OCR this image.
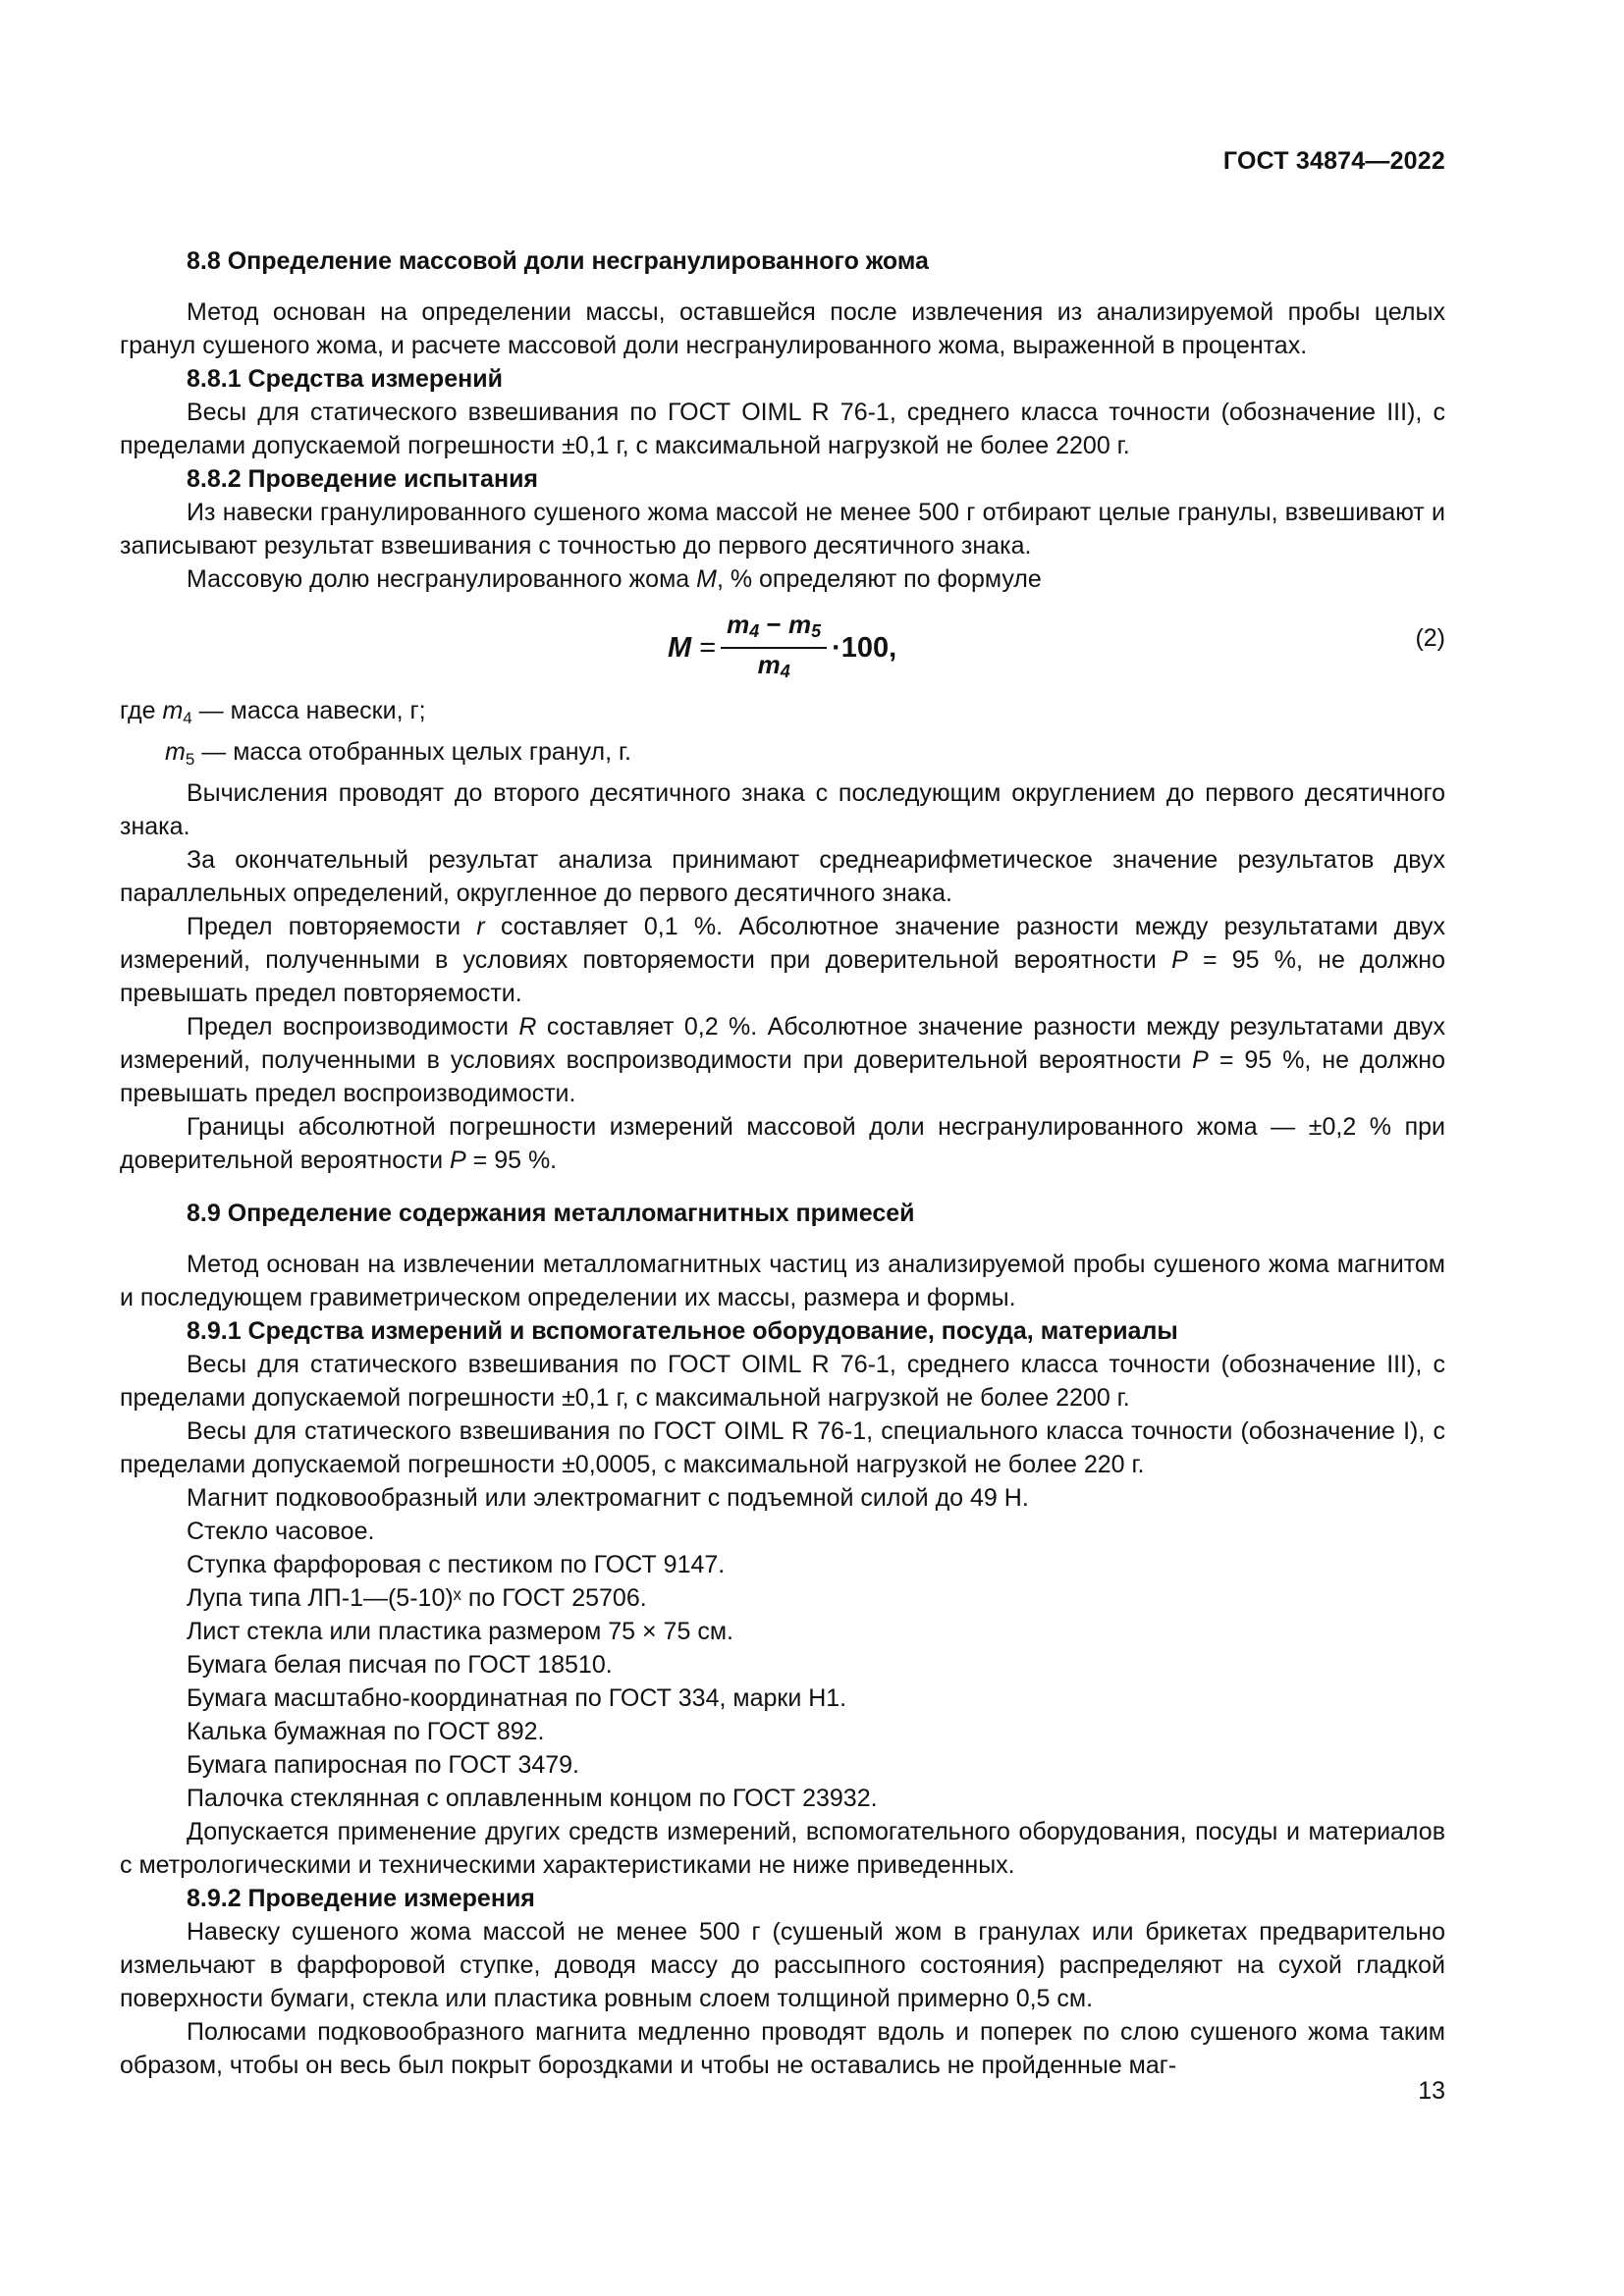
ГОСТ 34874—2022

8.8 Определение массовой доли несгранулированного жома

Метод основан на определении массы, оставшейся после извлечения из анализируемой пробы целых гранул сушеного жома, и расчете массовой доли несгранулированного жома, выраженной в процентах.

8.8.1 Средства измерений

Весы для статического взвешивания по ГОСТ OIML R 76-1, среднего класса точности (обозначение III), с пределами допускаемой погрешности ±0,1 г, с максимальной нагрузкой не более 2200 г.

8.8.2 Проведение испытания

Из навески гранулированного сушеного жома массой не менее 500 г отбирают целые гранулы, взвешивают и записывают результат взвешивания с точностью до первого десятичного знака.

Массовую долю несгранулированного жома M, % определяют по формуле

M
= $\frac{m4 - m5}{m4} \cdot 100$,	(2)

где $m_4$ — масса навески, г;

$m_5$ — масса отобранных целых гранул, г.

Вычисления проводят до второго десятичного знака с последующим округлением до первого десятичного знака.

За окончательный результат анализа принимают среднеарифметическое значение результатов двух параллельных определений, округленное до первого десятичного знака.

Предел повторяемости r составляет 0,1 %. Абсолютное значение разности между результатами двух измерений, полученными в условиях повторяемости при доверительной вероятности P = 95 %, не должно превышать предел повторяемости.

Предел воспроизводимости R составляет 0,2 %. Абсолютное значение разности между результатами двух измерений, полученными в условиях воспроизводимости при доверительной вероятности P = 95 %, не должно превышать предел воспроизводимости.

Границы абсолютной погрешности измерений массовой доли несгранулированного жома — ±0,2 % при доверительной вероятности P = 95 %.

8.9 Определение содержания металломагнитных примесей

Метод основан на извлечении металломагнитных частиц из анализируемой пробы сушеного жома магнитом и последующем гравиметрическом определении их массы, размера и формы.

8.9.1 Средства измерений и вспомогательное оборудование, посуда, материалы

Весы для статического взвешивания по ГОСТ OIML R 76-1, среднего класса точности (обозначение III), с пределами допускаемой погрешности ±0,1 г, с максимальной нагрузкой не более 2200 г.

Весы для статического взвешивания по ГОСТ OIML R 76-1, специального класса точности (обозначение I), с пределами допускаемой погрешности ±0,0005, с максимальной нагрузкой не более 220 г.

Магнит подковообразный или электромагнит с подъемной силой до 49 Н.

Стекло часовое.

Ступка фарфоровая с пестиком по ГОСТ 9147.

Лупа типа ЛП-1—(5-10)ˣ по ГОСТ 25706.

Лист стекла или пластика размером 75 × 75 см.

Бумага белая писчая по ГОСТ 18510.

Бумага масштабно-координатная по ГОСТ 334, марки Н1.

Калька бумажная по ГОСТ 892.

Бумага папиросная по ГОСТ 3479.

Палочка стеклянная с оплавленным концом по ГОСТ 23932.

Допускается применение других средств измерений, вспомогательного оборудования, посуды и материалов с метрологическими и техническими характеристиками не ниже приведенных.

8.9.2 Проведение измерения

Навеску сушеного жома массой не менее 500 г (сушеный жом в гранулах или брикетах предварительно измельчают в фарфоровой ступке, доводя массу до рассыпного состояния) распределяют на сухой гладкой поверхности бумаги, стекла или пластика ровным слоем толщиной примерно 0,5 см.

Полюсами подковообразного магнита медленно проводят вдоль и поперек по слою сушеного жома таким образом, чтобы он весь был покрыт бороздками и чтобы не оставались не пройденные маг-

13
